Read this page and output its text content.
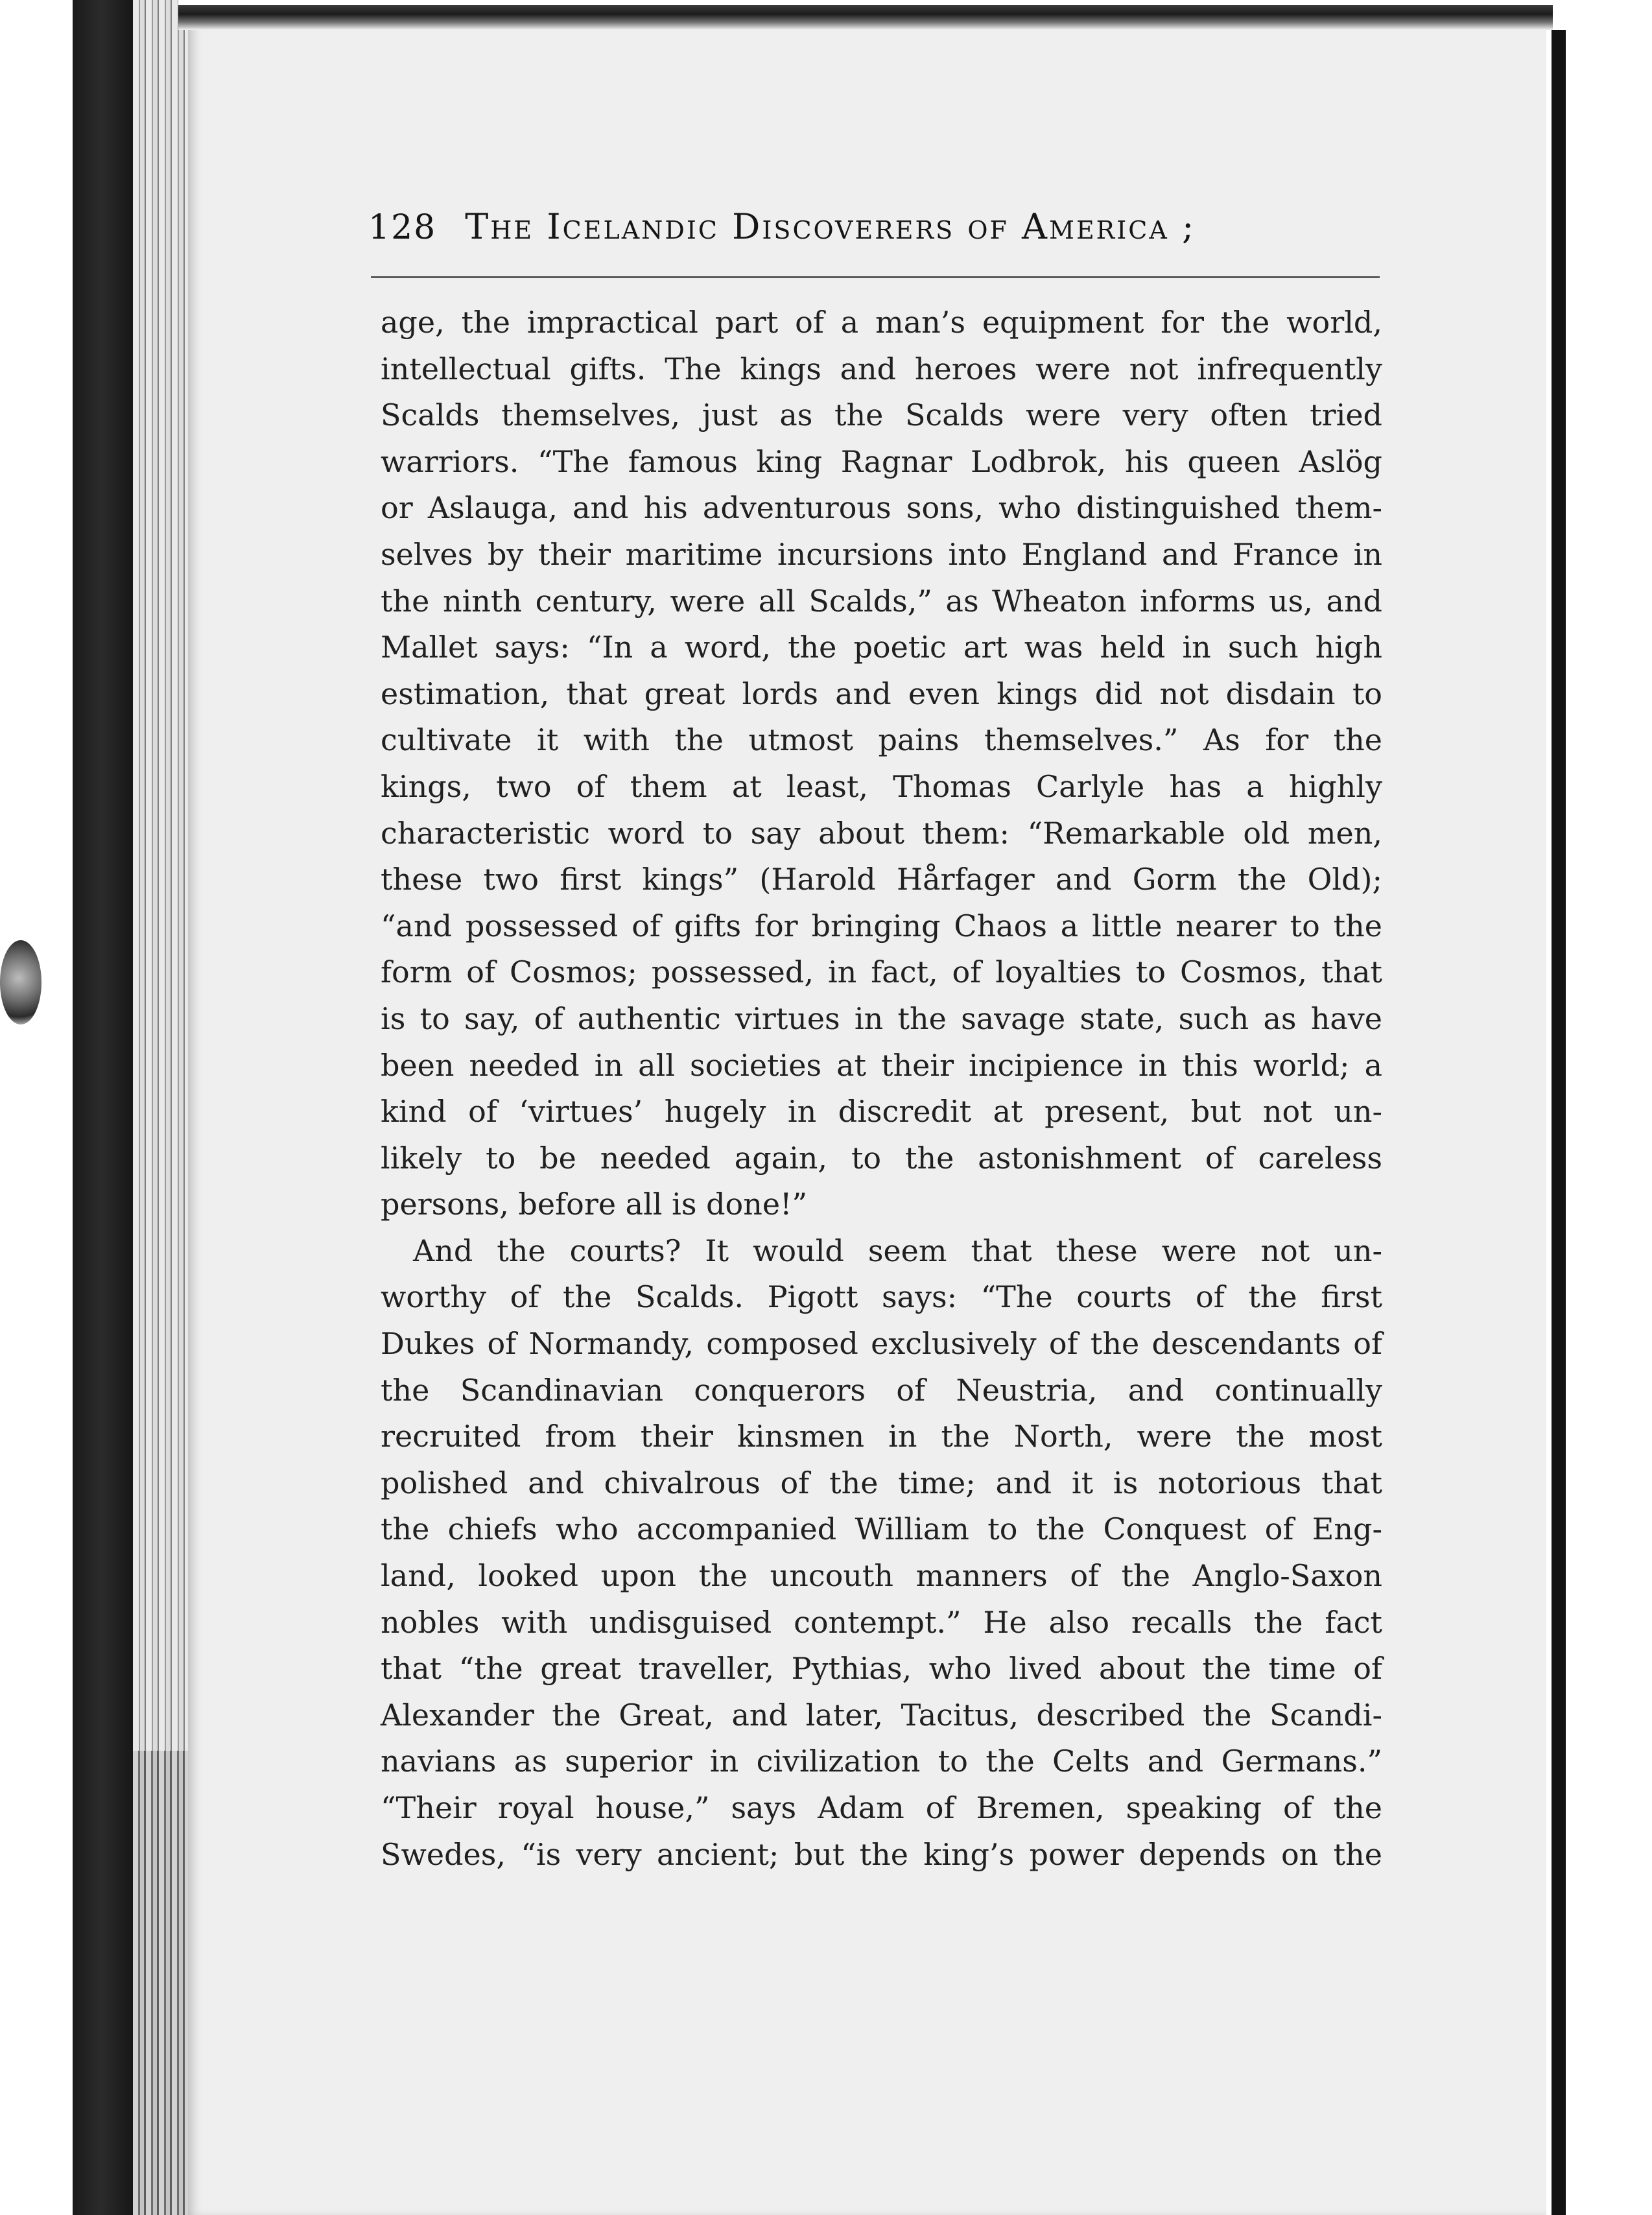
128 The Icelandic Discoverers of America ;
age, the impractical part of a man’s equipment for the world,
intellectual gifts. The kings and heroes were not infrequently
Scalds themselves, just as the Scalds were very often tried
warriors. “The famous king Ragnar Lodbrok, his queen Aslög
or Aslauga, and his adventurous sons, who distinguished them-
selves by their maritime incursions into England and France in
the ninth century, were all Scalds,” as Wheaton informs us, and
Mallet says: “In a word, the poetic art was held in such high
estimation, that great lords and even kings did not disdain to
cultivate it with the utmost pains themselves.” As for the
kings, two of them at least, Thomas Carlyle has a highly
characteristic word to say about them: “Remarkable old men,
these two first kings” (Harold Hårfager and Gorm the Old);
“and possessed of gifts for bringing Chaos a little nearer to the
form of Cosmos; possessed, in fact, of loyalties to Cosmos, that
is to say, of authentic virtues in the savage state, such as have
been needed in all societies at their incipience in this world; a
kind of ‘virtues’ hugely in discredit at present, but not un-
likely to be needed again, to the astonishment of careless
persons, before all is done!”
And the courts? It would seem that these were not un-
worthy of the Scalds. Pigott says: “The courts of the first
Dukes of Normandy, composed exclusively of the descendants of
the Scandinavian conquerors of Neustria, and continually
recruited from their kinsmen in the North, were the most
polished and chivalrous of the time; and it is notorious that
the chiefs who accompanied William to the Conquest of Eng-
land, looked upon the uncouth manners of the Anglo-Saxon
nobles with undisguised contempt.” He also recalls the fact
that “the great traveller, Pythias, who lived about the time of
Alexander the Great, and later, Tacitus, described the Scandi-
navians as superior in civilization to the Celts and Germans.”
“Their royal house,” says Adam of Bremen, speaking of the
Swedes, “is very ancient; but the king’s power depends on the
